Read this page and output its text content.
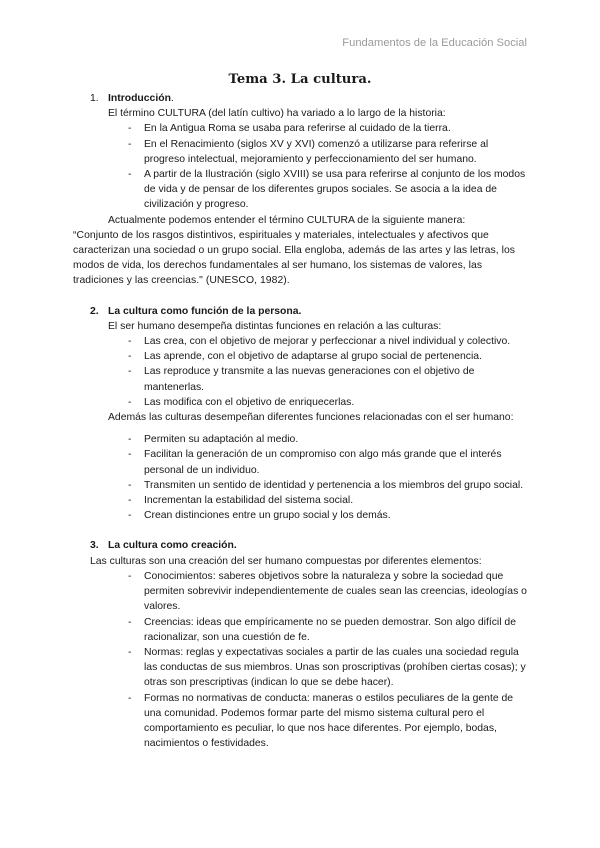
Fundamentos de la Educación Social
Tema 3. La cultura.
1. Introducción.

El término CULTURA (del latín cultivo) ha variado a lo largo de la historia:

- En la Antigua Roma se usaba para referirse al cuidado de la tierra.
- En el Renacimiento (siglos XV y XVI) comenzó a utilizarse para referirse al progreso intelectual, mejoramiento y perfeccionamiento del ser humano.
- A partir de la Ilustración (siglo XVIII) se usa para referirse al conjunto de los modos de vida y de pensar de los diferentes grupos sociales. Se asocia a la idea de civilización y progreso.

Actualmente podemos entender el término CULTURA de la siguiente manera:

“Conjunto de los rasgos distintivos, espirituales y materiales, intelectuales y afectivos que caracterizan una sociedad o un grupo social. Ella engloba, además de las artes y las letras, los modos de vida, los derechos fundamentales al ser humano, los sistemas de valores, las tradiciones y las creencias." (UNESCO, 1982).

2. La cultura como función de la persona.

El ser humano desempeña distintas funciones en relación a las culturas:

- Las crea, con el objetivo de mejorar y perfeccionar a nivel individual y colectivo.
- Las aprende, con el objetivo de adaptarse al grupo social de pertenencia.
- Las reproduce y transmite a las nuevas generaciones con el objetivo de mantenerlas.
- Las modifica con el objetivo de enriquecerlas.

Además las culturas desempeñan diferentes funciones relacionadas con el ser humano:

- Permiten su adaptación al medio.
- Facilitan la generación de un compromiso con algo más grande que el interés personal de un individuo.
- Transmiten un sentido de identidad y pertenencia a los miembros del grupo social.
- Incrementan la estabilidad del sistema social.
- Crean distinciones entre un grupo social y los demás.
3. La cultura como creación.

Las culturas son una creación del ser humano compuestas por diferentes elementos:

- Conocimientos: saberes objetivos sobre la naturaleza y sobre la sociedad que permiten sobrevivir independientemente de cuales sean las creencias, ideologías o valores.
- Creencias: ideas que empíricamente no se pueden demostrar. Son algo difícil de racionalizar, son una cuestión de fe.
- Normas: reglas y expectativas sociales a partir de las cuales una sociedad regula las conductas de sus miembros. Unas son proscriptivas (prohíben ciertas cosas); y otras son prescriptivas (indican lo que se debe hacer).
- Formas no normativas de conducta: maneras o estilos peculiares de la gente de una comunidad. Podemos formar parte del mismo sistema cultural pero el comportamiento es peculiar, lo que nos hace diferentes. Por ejemplo, bodas, nacimientos o festividades.
